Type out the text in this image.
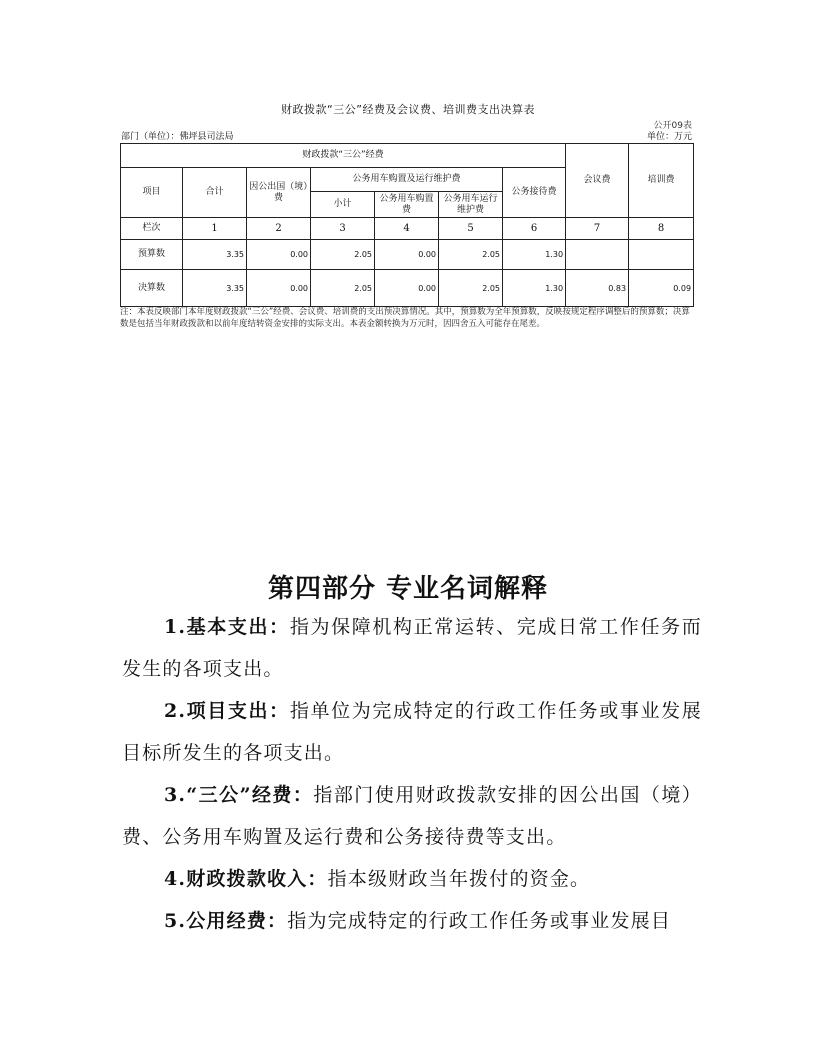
财政拨款“三公”经费及会议费、培训费支出决算表
公开09表
部门（单位）：佛坪县司法局	单位：万元
财政拨款“三公”经费							会议费	培训费
项目	合计	因公出国（境）费	公务用车购置及运行维护费			公务接待费		
			小计	公务用车购置费	公务用车运行维护费			
栏次	1	2	3	4	5	6	7	8
预算数	3.35	0.00	2.05	0.00	2.05	1.30		
决算数	3.35	0.00	2.05	0.00	2.05	1.30	0.83	0.09
注：本表反映部门本年度财政拨款“三公”经费、会议费、培训费的支出预决算情况。其中，预算数为全年预算数，反映按规定程序调整后的预算数；决算数是包括当年财政拨款和以前年度结转资金安排的实际支出。本表金额转换为万元时，因四舍五入可能存在尾差。
第四部分 专业名词解释

1.基本支出：指为保障机构正常运转、完成日常工作任务而发生的各项支出。

2.项目支出：指单位为完成特定的行政工作任务或事业发展目标所发生的各项支出。

3.“三公”经费：指部门使用财政拨款安排的因公出国（境）费、公务用车购置及运行费和公务接待费等支出。

4.财政拨款收入：指本级财政当年拨付的资金。

5.公用经费：指为完成特定的行政工作任务或事业发展目
